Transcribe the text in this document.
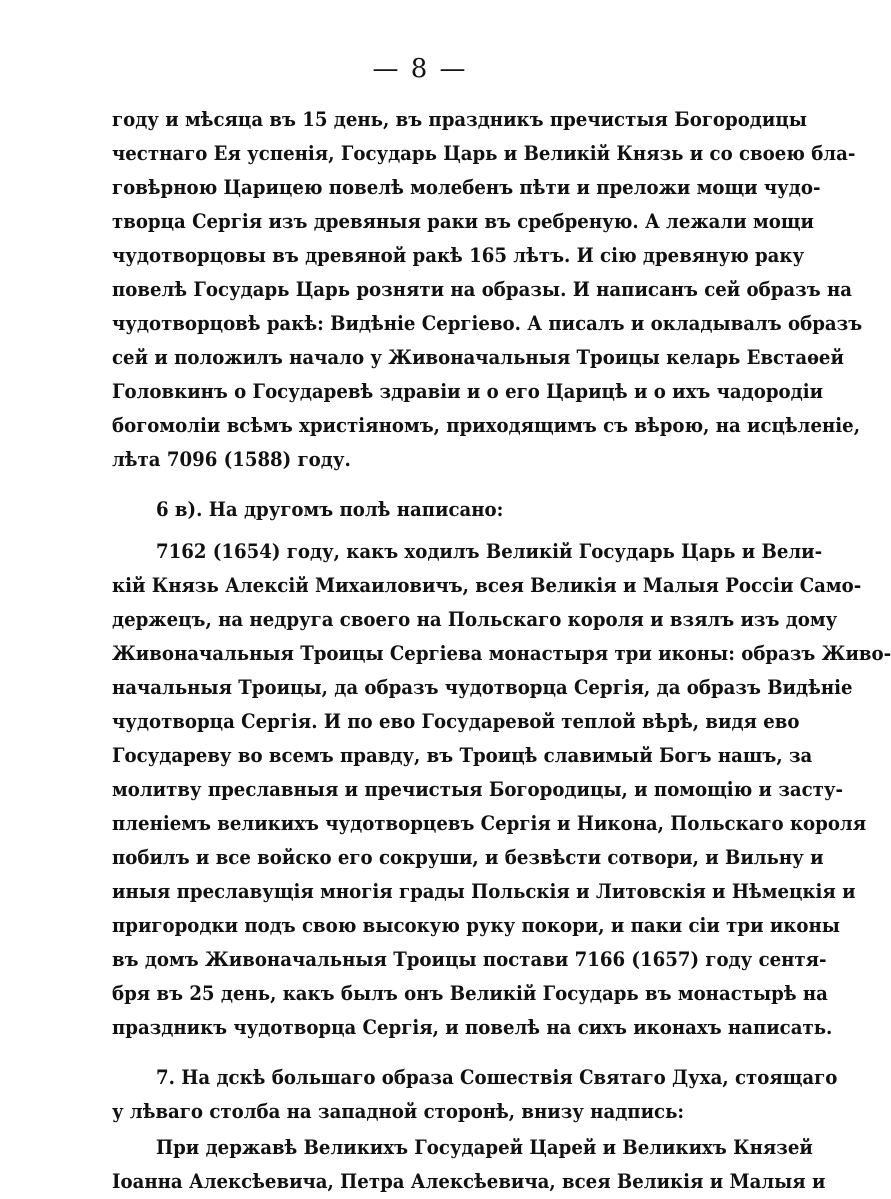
— 8 —
году и мѣсяца въ 15 день, въ праздникъ пречистыя Богородицы
честнаго Ея успенія, Государь Царь и Великій Князь и со своею бла-
говѣрною Царицею повелѣ молебенъ пѣти и преложи мощи чудо-
творца Сергія изъ древяныя раки въ сребреную. А лежали мощи
чудотворцовы въ древяной ракѣ 165 лѣтъ. И сію древяную раку
повелѣ Государь Царь розняти на образы. И написанъ сей образъ на
чудотворцовѣ ракѣ: Видѣніе Сергіево. А писалъ и окладывалъ образъ
сей и положилъ начало у Живоначальныя Троицы келарь Евстаѳей
Головкинъ о Государевѣ здравіи и о его Царицѣ и о ихъ чадородіи
богомоліи всѣмъ христіяномъ, приходящимъ съ вѣрою, на исцѣленіе,
лѣта 7096 (1588) году.
6 в). На другомъ полѣ написано:
7162 (1654) году, какъ ходилъ Великій Государь Царь и Вели-
кій Князь Алексій Михаиловичъ, всея Великія и Малыя Россіи Само-
держецъ, на недруга своего на Польскаго короля и взялъ изъ дому
Живоначальныя Троицы Сергіева монастыря три иконы: образъ Живо-
начальныя Троицы, да образъ чудотворца Сергія, да образъ Видѣніе
чудотворца Сергія. И по ево Государевой теплой вѣрѣ, видя ево
Государеву во всемъ правду, въ Троицѣ славимый Богъ нашъ, за
молитву преславныя и пречистыя Богородицы, и помощію и засту-
пленіемъ великихъ чудотворцевъ Сергія и Никона, Польскаго короля
побилъ и все войско его сокруши, и безвѣсти сотвори, и Вильну и
иныя преславущія многія грады Польскія и Литовскія и Нѣмецкія и
пригородки подъ свою высокую руку покори, и паки сіи три иконы
въ домъ Живоначальныя Троицы постави 7166 (1657) году сентя-
бря въ 25 день, какъ былъ онъ Великій Государь въ монастырѣ на
праздникъ чудотворца Сергія, и повелѣ на сихъ иконахъ написать.
7. На дскѣ большаго образа Сошествія Святаго Духа, стоящаго
у лѣваго столба на западной сторонѣ, внизу надпись:
При державѣ Великихъ Государей Царей и Великихъ Князей
Іоанна Алексѣевича, Петра Алексѣевича, всея Великія и Малыя и
